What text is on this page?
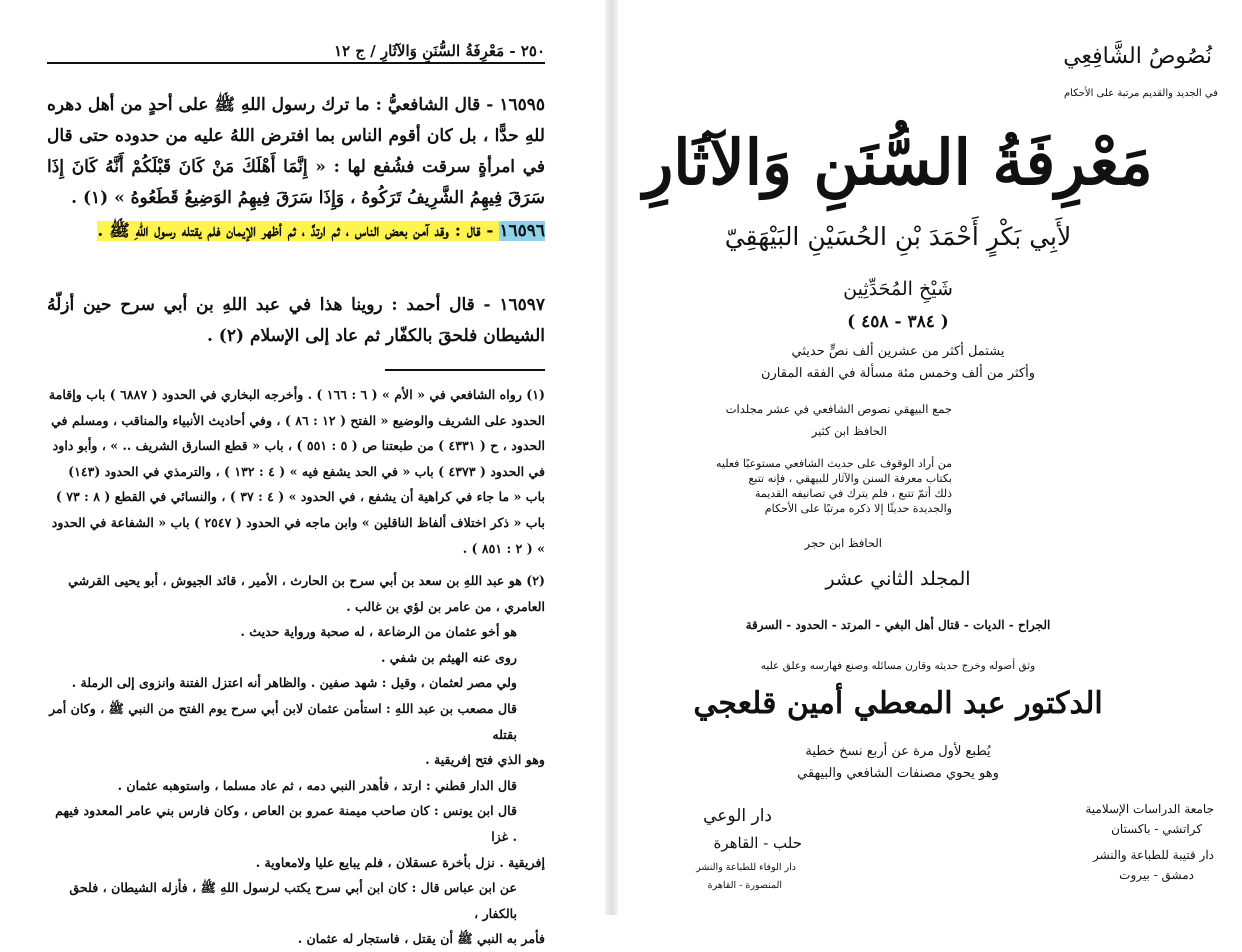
٢٥٠ - مَعْرِفَةُ السُّنَنِ وَالآثَارِ / ج ١٢
١٦٥٩٥ - قال الشافعيُّ : ما ترك رسول اللهِ ﷺ على أحدٍ من أهل دهره للهِ حدًّا ، بل كان أقوم الناس بما افترض اللهُ عليه من حدوده حتى قال في امرأةٍ سرقت فشُفع لها : « إِنَّمَا أَهْلَكَ مَنْ كَانَ قَبْلَكُمْ أَنَّهُ كَانَ إِذَا سَرَقَ فِيهِمُ الشَّرِيفُ تَرَكُوهُ ، وَإِذَا سَرَقَ فِيهِمُ الوَضِيعُ قَطَعُوهُ » (١) .
١٦٥٩٦ - قال : وقد آمن بعض الناس ، ثم ارتدَّ ، ثم أظهر الإيمان فلم يقتله رسول اللهِ ﷺ .
١٦٥٩٧ - قال أحمد : روينا هذا في عبد اللهِ بن أبي سرح حين أزلّهُ الشيطان فلحقَ بالكفّار ثم عاد إلى الإسلام (٢) .

(١) رواه الشافعي في « الأم » ( ٦ : ١٦٦ ) . وأخرجه البخاري في الحدود ( ٦٨٨٧ ) باب وإقامة الحدود على الشريف والوضيع « الفتح ( ١٢ : ٨٦ ) ، وفي أحاديث الأنبياء والمناقب ، ومسلم في الحدود ، ح ( ٤٣٣١ ) من طبعتنا ص ( ٥ : ٥٥١ ) ، باب « قطع السارق الشريف .. » ، وأبو داود في الحدود ( ٤٣٧٣ ) باب « في الحد يشفع فيه » ( ٤ : ١٣٢ ) ، والترمذي في الحدود (١٤٣) باب « ما جاء في كراهية أن يشفع ، في الحدود » ( ٤ : ٣٧ ) ، والنسائي في القطع ( ٨ : ٧٣ ) باب « ذكر اختلاف ألفاظ الناقلين » وابن ماجه في الحدود ( ٢٥٤٧ ) باب « الشفاعة في الحدود » ( ٢ : ٨٥١ ) .

(٢) هو عبد اللهِ بن سعد بن أبي سرح بن الحارث ، الأمير ، قائد الجيوش ، أبو يحيى القرشي

العامري ، من عامر بن لؤي بن غالب .

هو أخو عثمان من الرضاعة ، له صحبة ورواية حديث .

روى عنه الهيثم بن شفي .

ولي مصر لعثمان ، وقيل : شهد صفين . والظاهر أنه اعتزل الفتنة وانزوى إلى الرملة .

قال مصعب بن عبد اللهِ : استأمن عثمان لابن أبي سرح يوم الفتح من النبي ﷺ ، وكان أمر بقتله

وهو الذي فتح إفريقية .

قال الدار قطني : ارتد ، فأهدر النبي دمه ، ثم عاد مسلما ، واستوهبه عثمان .

قال ابن يونس : كان صاحب ميمنة عمرو بن العاص ، وكان فارس بني عامر المعدود فيهم . غزا

إفريقية . نزل بأخرة عسقلان ، فلم يبايع عليا ولامعاوية .

عن ابن عباس قال : كان ابن أبي سرح يكتب لرسول اللهِ ﷺ ، فأزله الشيطان ، فلحق بالكفار ،

فأمر به النبي ﷺ أن يقتل ، فاستجار له عثمان .

نُصُوصُ الشَّافِعِي
في الجديد والقديم مرتبة على الأحكام
مَعْرِفَةُ السُّنَنِ وَالآثَارِ
لأَبِي بَكْرٍ أَحْمَدَ بْنِ الحُسَيْنِ البَيْهَقِيّ
شَيْخِ المُحَدِّثِين
( ٣٨٤ - ٤٥٨ )
يشتمل أكثر من عشرين ألف نصٍّ حديثي
وأكثر من ألف وخمس مئة مسألة في الفقه المقارن
جمع البيهقي نصوص الشافعي في عشر مجلدات
الحافظ ابن كثير
من أراد الوقوف على حديث الشافعي مستوعبًا فعليه
بكتاب معرفة السنن والآثار للبيهقي ، فإنه تتبع
ذلك أتمّ تتبع ، فلم يترك في تصانيفه القديمة
والجديدة حديثًا إلا ذكره مرتبًا على الأحكام
الحافظ ابن حجر
المجلد الثاني عشر
الجراح - الديات - قتال أهل البغي - المرتد - الحدود - السرقة
وثق أصوله وخرج حديثه وقارن مسائله وصنع فهارسه وعلق عليه
الدكتور عبد المعطي أمين قلعجي
يُطبع لأول مرة عن أربع نسخ خطية
وهو يحوي مصنفات الشافعي والبيهقي
جامعة الدراسات الإسلامية
كراتشي - باكستان
دار الوعي
حلب - القاهرة
دار قتيبة للطباعة والنشر
دمشق - بيروت
دار الوفاء للطباعة والنشر
المنصورة - القاهرة
